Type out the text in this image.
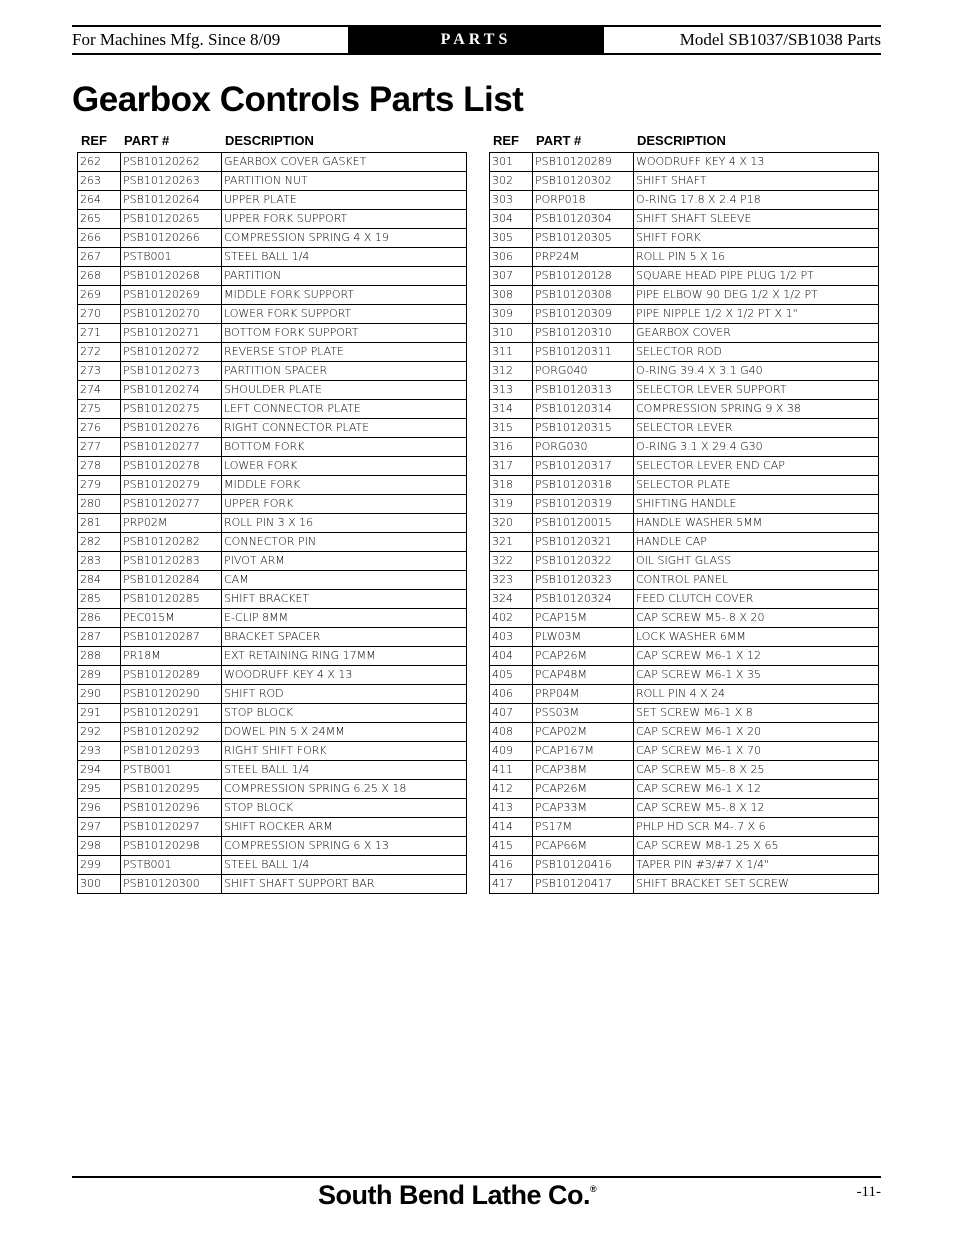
For Machines Mfg. Since 8/09	PARTS	Model SB1037/SB1038 Parts
Gearbox Controls Parts List
REF PART #	DESCRIPTION
262	PSB10120262	GEARBOX COVER GASKET
263	PSB10120263	PARTITION NUT
264	PSB10120264	UPPER PLATE
265	PSB10120265	UPPER FORK SUPPORT
266	PSB10120266	COMPRESSION SPRING 4 X 19
267	PSTB001	STEEL BALL 1/4
268	PSB10120268	PARTITION
269	PSB10120269	MIDDLE FORK SUPPORT
270	PSB10120270	LOWER FORK SUPPORT
271	PSB10120271	BOTTOM FORK SUPPORT
272	PSB10120272	REVERSE STOP PLATE
273	PSB10120273	PARTITION SPACER
274	PSB10120274	SHOULDER PLATE
275	PSB10120275	LEFT CONNECTOR PLATE
276	PSB10120276	RIGHT CONNECTOR PLATE
277	PSB10120277	BOTTOM FORK
278	PSB10120278	LOWER FORK
279	PSB10120279	MIDDLE FORK
280	PSB10120277	UPPER FORK
281	PRP02M	ROLL PIN 3 X 16
282	PSB10120282	CONNECTOR PIN
283	PSB10120283	PIVOT ARM
284	PSB10120284	CAM
285	PSB10120285	SHIFT BRACKET
286	PEC015M	E-CLIP 8MM
287	PSB10120287	BRACKET SPACER
288	PR18M	EXT RETAINING RING 17MM
289	PSB10120289	WOODRUFF KEY 4 X 13
290	PSB10120290	SHIFT ROD
291	PSB10120291	STOP BLOCK
292	PSB10120292	DOWEL PIN 5 X 24MM
293	PSB10120293	RIGHT SHIFT FORK
294	PSTB001	STEEL BALL 1/4
295	PSB10120295	COMPRESSION SPRING 6.25 X 18
296	PSB10120296	STOP BLOCK
297	PSB10120297	SHIFT ROCKER ARM
298	PSB10120298	COMPRESSION SPRING 6 X 13
299	PSTB001	STEEL BALL 1/4
300	PSB10120300	SHIFT SHAFT SUPPORT BAR
REF PART #	DESCRIPTION
301	PSB10120289	WOODRUFF KEY 4 X 13
302	PSB10120302	SHIFT SHAFT
303	PORP018	O-RING 17.8 X 2.4 P18
304	PSB10120304	SHIFT SHAFT SLEEVE
305	PSB10120305	SHIFT FORK
306	PRP24M	ROLL PIN 5 X 16
307	PSB10120128	SQUARE HEAD PIPE PLUG 1/2 PT
308	PSB10120308	PIPE ELBOW 90 DEG 1/2 X 1/2 PT
309	PSB10120309	PIPE NIPPLE 1/2 X 1/2 PT X 1"
310	PSB10120310	GEARBOX COVER
311	PSB10120311	SELECTOR ROD
312	PORG040	O-RING 39.4 X 3.1 G40
313	PSB10120313	SELECTOR LEVER SUPPORT
314	PSB10120314	COMPRESSION SPRING 9 X 38
315	PSB10120315	SELECTOR LEVER
316	PORG030	O-RING 3.1 X 29.4 G30
317	PSB10120317	SELECTOR LEVER END CAP
318	PSB10120318	SELECTOR PLATE
319	PSB10120319	SHIFTING HANDLE
320	PSB10120015	HANDLE WASHER 5MM
321	PSB10120321	HANDLE CAP
322	PSB10120322	OIL SIGHT GLASS
323	PSB10120323	CONTROL PANEL
324	PSB10120324	FEED CLUTCH COVER
402	PCAP15M	CAP SCREW M5-.8 X 20
403	PLW03M	LOCK WASHER 6MM
404	PCAP26M	CAP SCREW M6-1 X 12
405	PCAP48M	CAP SCREW M6-1 X 35
406	PRP04M	ROLL PIN 4 X 24
407	PSS03M	SET SCREW M6-1 X 8
408	PCAP02M	CAP SCREW M6-1 X 20
409	PCAP167M	CAP SCREW M6-1 X 70
411	PCAP38M	CAP SCREW M5-.8 X 25
412	PCAP26M	CAP SCREW M6-1 X 12
413	PCAP33M	CAP SCREW M5-.8 X 12
414	PS17M	PHLP HD SCR M4-.7 X 6
415	PCAP66M	CAP SCREW M8-1.25 X 65
416	PSB10120416	TAPER PIN #3/#7 X 1/4"
417	PSB10120417	SHIFT BRACKET SET SCREW
South Bend Lathe Co.®	-11-
